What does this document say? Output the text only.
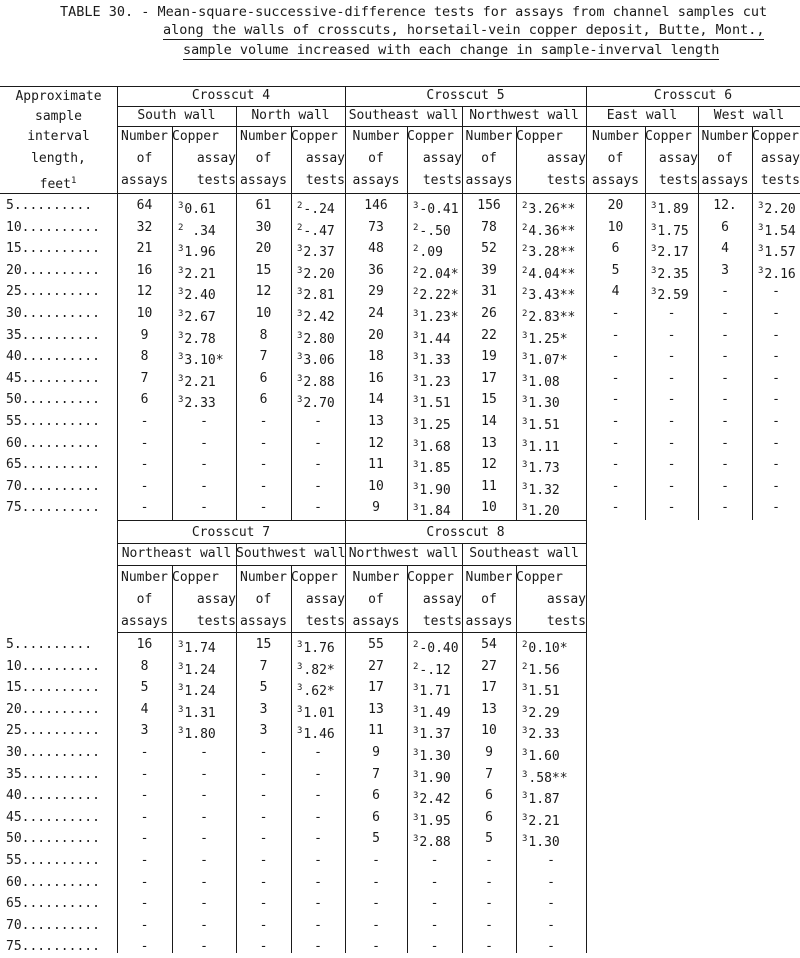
TABLE 30. - Mean-square-successive-difference tests for assays from channel samples cut
along the walls of crosscuts, horsetail-vein copper deposit, Butte, Mont.,
sample volume increased with each change in sample-inverval length
Approximate
sample
interval
length,
feet$^1$
Crosscut 4	Crosscut 5	Crosscut 6
South wall	North wall	Southeast wall Northwest wall	East wall	West wall
Number
of
assays
Copper
assay
tests
Number
of
assays
Copper
assay
tests
Number
of
assays
Copper
assay
tests
Number
of
assays
Copper
assay
tests
Number
of
assays
Copper
assay
tests
Number
of
assays
Copper
assay
tests
5..........	64	$^3$0.61	61	$^2$-.24	146	$^3$-0.41	156	$^2$3.26**	20	$^3$1.89	12.	$^3$2.20
10..........	32	$^2$ .34	30	$^2$-.47	73	$^2$-.50	78	$^2$4.36**	10	$^3$1.75	6	$^3$1.54
15..........	21	$^3$1.96	20	$^3$2.37	48	$^2$.09	52	$^2$3.28**	6	$^3$2.17	4	$^3$1.57
20..........	16	$^3$2.21	15	$^3$2.20	36	$^2$2.04*	39	$^2$4.04**	5	$^3$2.35	3	$^3$2.16
25..........	12	$^3$2.40	12	$^3$2.81	29	$^2$2.22*	31	$^2$3.43**	4	$^3$2.59	-	-
30..........	10	$^3$2.67	10	$^3$2.42	24	$^3$1.23*	26	$^2$2.83**	-	-	-	-
35..........	9	$^3$2.78	8	$^3$2.80	20	$^3$1.44	22	$^3$1.25*	-	-	-	-
40..........	8	$^3$3.10*	7	$^3$3.06	18	$^3$1.33	19	$^3$1.07*	-	-	-	-
45..........	7	$^3$2.21	6	$^3$2.88	16	$^3$1.23	17	$^3$1.08	-	-	-	-
50..........	6	$^3$2.33	6	$^3$2.70	14	$^3$1.51	15	$^3$1.30	-	-	-	-
55..........	-	-	-	-	13	$^3$1.25	14	$^3$1.51	-	-	-	-
60..........	-	-	-	-	12	$^3$1.68	13	$^3$1.11	-	-	-	-
65..........	-	-	-	-	11	$^3$1.85	12	$^3$1.73	-	-	-	-
70..........	-	-	-	-	10	$^3$1.90	11	$^3$1.32	-	-	-	-
75..........	-	-	-	-	9	$^3$1.84	10	$^3$1.20	-	-	-	-
Crosscut 7	Crosscut 8
Northeast wall Southwest wall Northwest wall Southeast wall
Number
of
assays
Copper
assay
tests
Number
of
assays
Copper
assay
tests
Number
of
assays
Copper
assay
tests
Number
of
assays
Copper
assay
tests
5..........	16	$^3$1.74	15	$^3$1.76	55	$^2$-0.40	54	$^2$0.10*
10..........	8	$^3$1.24	7	$^3$.82*	27	$^2$-.12	27	$^2$1.56
15..........	5	$^3$1.24	5	$^3$.62*	17	$^3$1.71	17	$^3$1.51
20..........	4	$^3$1.31	3	$^3$1.01	13	$^3$1.49	13	$^3$2.29
25..........	3	$^3$1.80	3	$^3$1.46	11	$^3$1.37	10	$^3$2.33
30..........	-	-	-	-	9	$^3$1.30	9	$^3$1.60
35..........	-	-	-	-	7	$^3$1.90	7	$^3$.58**
40..........	-	-	-	-	6	$^3$2.42	6	$^3$1.87
45..........	-	-	-	-	6	$^3$1.95	6	$^3$2.21
50..........	-	-	-	-	5	$^3$2.88	5	$^3$1.30
55..........	-	-	-	-	-	-	-	-
60..........	-	-	-	-	-	-	-	-
65..........	-	-	-	-	-	-	-	-
70..........	-	-	-	-	-	-	-	-
75..........	-	-	-	-	-	-	-	-
